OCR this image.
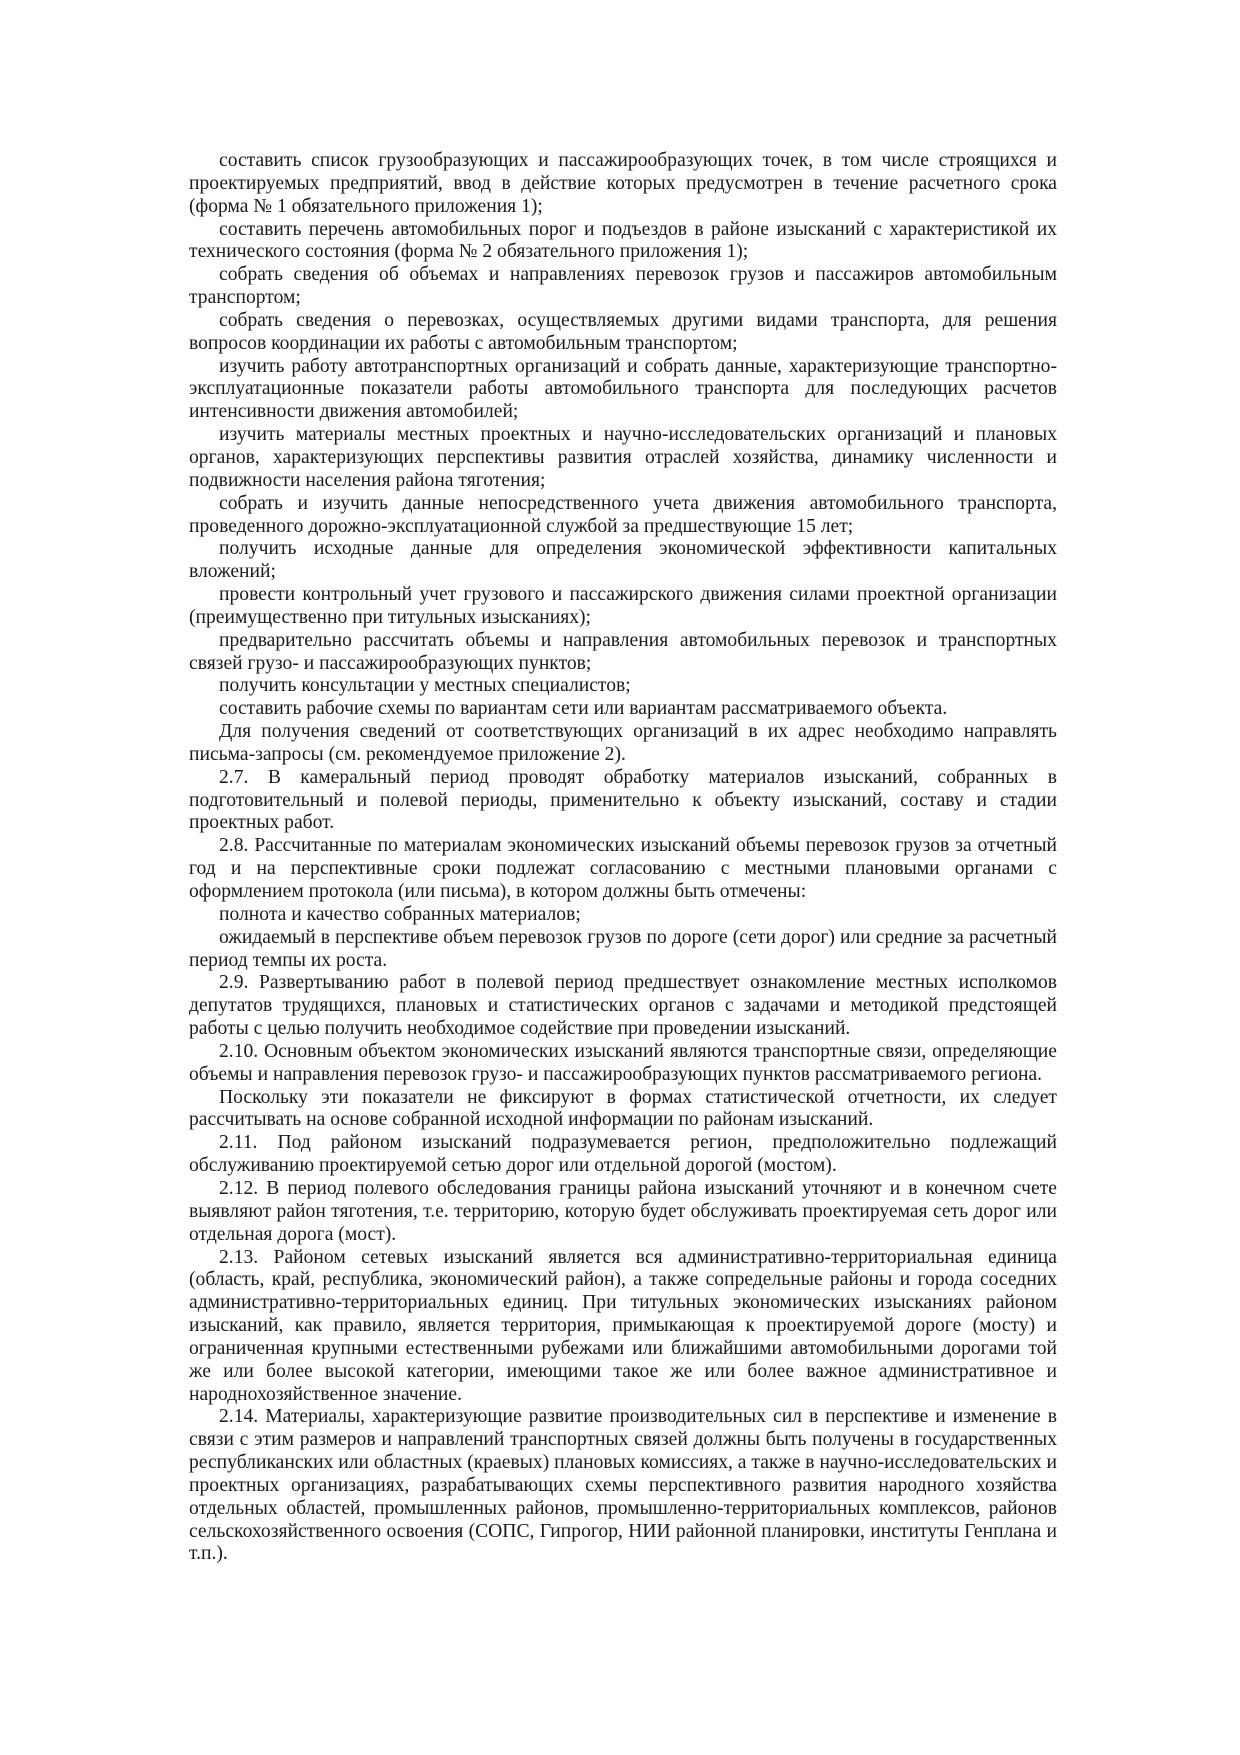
составить список грузообразующих и пассажирообразующих точек, в том числе строящихся и проектируемых предприятий, ввод в действие которых предусмотрен в течение расчетного срока (форма № 1 обязательного приложения 1);

составить перечень автомобильных порог и подъездов в районе изысканий с характеристикой их технического состояния (форма № 2 обязательного приложения 1);

собрать сведения об объемах и направлениях перевозок грузов и пассажиров автомобильным транспортом;

собрать сведения о перевозках, осуществляемых другими видами транспорта, для решения вопросов координации их работы с автомобильным транспортом;

изучить работу автотранспортных организаций и собрать данные, характеризующие транспортно-эксплуатационные показатели работы автомобильного транспорта для последующих расчетов интенсивности движения автомобилей;

изучить материалы местных проектных и научно-исследовательских организаций и плановых органов, характеризующих перспективы развития отраслей хозяйства, динамику численности и подвижности населения района тяготения;

собрать и изучить данные непосредственного учета движения автомобильного транспорта, проведенного дорожно-эксплуатационной службой за предшествующие 15 лет;

получить исходные данные для определения экономической эффективности капитальных вложений;

провести контрольный учет грузового и пассажирского движения силами проектной организации (преимущественно при титульных изысканиях);

предварительно рассчитать объемы и направления автомобильных перевозок и транспортных связей грузо- и пассажирообразующих пунктов;

получить консультации у местных специалистов;

составить рабочие схемы по вариантам сети или вариантам рассматриваемого объекта.

Для получения сведений от соответствующих организаций в их адрес необходимо направлять письма-запросы (см. рекомендуемое приложение 2).

2.7. В камеральный период проводят обработку материалов изысканий, собранных в подготовительный и полевой периоды, применительно к объекту изысканий, составу и стадии проектных работ.

2.8. Рассчитанные по материалам экономических изысканий объемы перевозок грузов за отчетный год и на перспективные сроки подлежат согласованию с местными плановыми органами с оформлением протокола (или письма), в котором должны быть отмечены:

полнота и качество собранных материалов;

ожидаемый в перспективе объем перевозок грузов по дороге (сети дорог) или средние за расчетный период темпы их роста.

2.9. Развертыванию работ в полевой период предшествует ознакомление местных исполкомов депутатов трудящихся, плановых и статистических органов с задачами и методикой предстоящей работы с целью получить необходимое содействие при проведении изысканий.

2.10. Основным объектом экономических изысканий являются транспортные связи, определяющие объемы и направления перевозок грузо- и пассажирообразующих пунктов рассматриваемого региона.

Поскольку эти показатели не фиксируют в формах статистической отчетности, их следует рассчитывать на основе собранной исходной информации по районам изысканий.

2.11. Под районом изысканий подразумевается регион, предположительно подлежащий обслуживанию проектируемой сетью дорог или отдельной дорогой (мостом).

2.12. В период полевого обследования границы района изысканий уточняют и в конечном счете выявляют район тяготения, т.е. территорию, которую будет обслуживать проектируемая сеть дорог или отдельная дорога (мост).

2.13. Районом сетевых изысканий является вся административно-территориальная единица (область, край, республика, экономический район), а также сопредельные районы и города соседних административно-территориальных единиц. При титульных экономических изысканиях районом изысканий, как правило, является территория, примыкающая к проектируемой дороге (мосту) и ограниченная крупными естественными рубежами или ближайшими автомобильными дорогами той же или более высокой категории, имеющими такое же или более важное административное и народнохозяйственное значение.

2.14. Материалы, характеризующие развитие производительных сил в перспективе и изменение в связи с этим размеров и направлений транспортных связей должны быть получены в государственных республиканских или областных (краевых) плановых комиссиях, а также в научно-исследовательских и проектных организациях, разрабатывающих схемы перспективного развития народного хозяйства отдельных областей, промышленных районов, промышленно-территориальных комплексов, районов сельскохозяйственного освоения (СОПС, Гипрогор, НИИ районной планировки, институты Генплана и т.п.).
